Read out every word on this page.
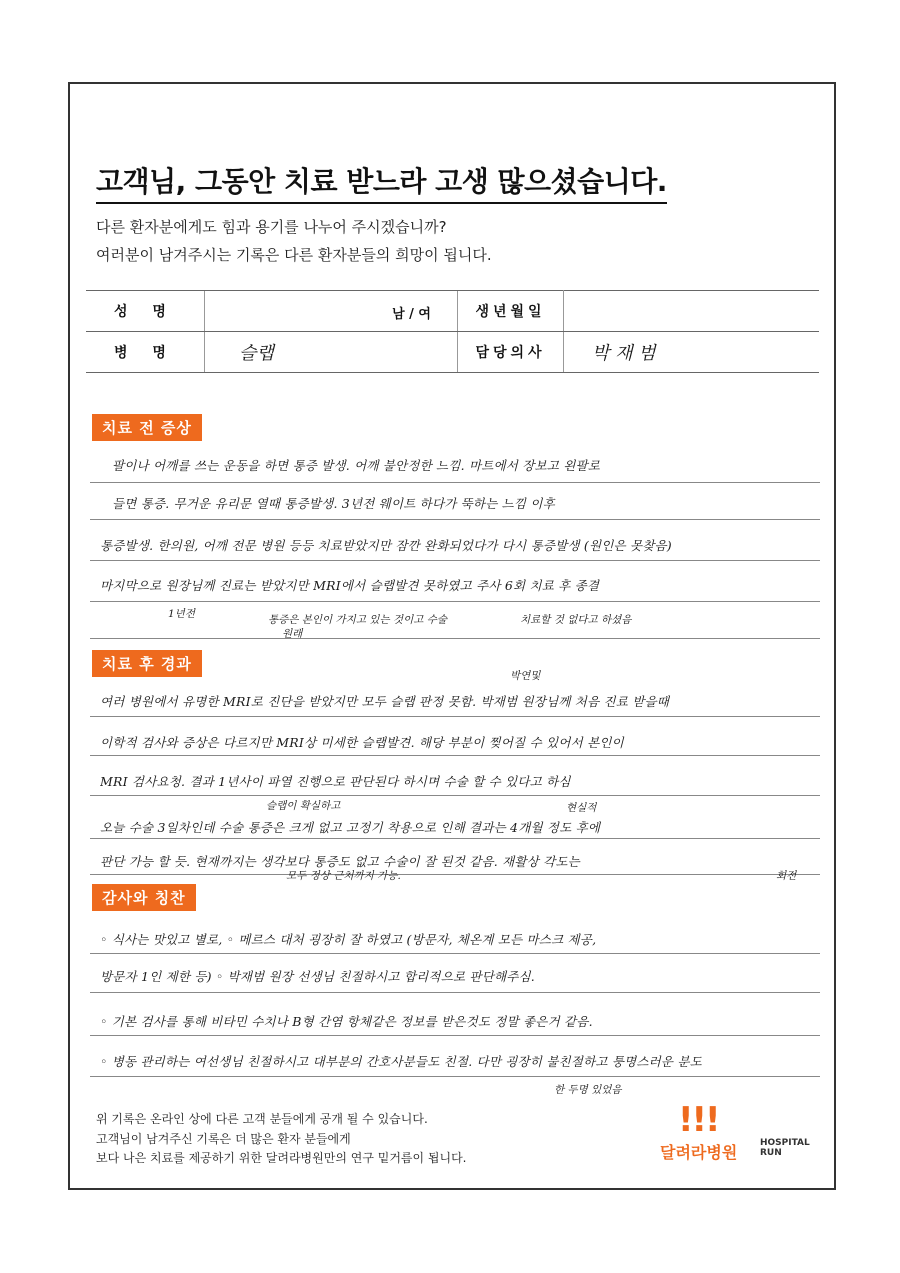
고객님, 그동안 치료 받느라 고생 많으셨습니다.
다른 환자분에게도 힘과 용기를 나누어 주시겠습니까?
여러분이 남겨주시는 기록은 다른 환자분들의 희망이 됩니다.
성 명	남 / 여	생년월일	
병 명	슬랩	담당의사	박 재 범
치료 전 증상
팔이나 어깨를 쓰는 운동을 하면 통증 발생. 어깨 불안정한 느낌. 마트에서 장보고 왼팔로
들면 통증. 무거운 유리문 열때 통증발생. 3년전 웨이트 하다가 뚝하는 느낌 이후
통증발생. 한의원, 어깨 전문 병원 등등 치료받았지만 잠깐 완화되었다가 다시 통증발생 (원인은 못찾음)
마지막으로 원장님께 진료는 받았지만 MRI에서 슬랩발견 못하였고 주사 6회 치료 후 종결
1년전	통증은 본인이 가지고 있는 것이고 수술
원래
치료할 것 없다고 하셨음
치료 후 경과
박연및
여러 병원에서 유명한 MRI로 진단을 받았지만 모두 슬랩 판정 못함. 박재범 원장님께 처음 진료 받을때
이학적 검사와 증상은 다르지만 MRI상 미세한 슬랩발견. 해당 부분이 찢어질 수 있어서 본인이
MRI 검사요청. 결과 1년사이 파열 진행으로 판단된다 하시며 수술 할 수 있다고 하심
슬랩이 확실하고	현실적
오늘 수술 3일차인데 수술 통증은 크게 없고 고정기 착용으로 인해 결과는 4개월 정도 후에
판단 가능 할 듯. 현재까지는 생각보다 통증도 없고 수술이 잘 된것 같음. 재활상 각도는
모두 정상 근처까지 가능.	회전
감사와 칭찬
◦ 식사는 맛있고 별로, ◦ 메르스 대처 굉장히 잘 하였고 (방문자, 체온계 모든 마스크 제공,
방문자 1인 제한 등) ◦ 박재범 원장 선생님 친절하시고 합리적으로 판단해주심.
◦ 기본 검사를 통해 비타민 수치나 B형 간염 항체같은 정보를 받은것도 정말 좋은거 같음.
◦ 병동 관리하는 여선생님 친절하시고 대부분의 간호사분들도 친절. 다만 굉장히 불친절하고 퉁명스러운 분도
한 두명 있었음
위 기록은 온라인 상에 다른 고객 분들에게 공개 될 수 있습니다.
고객님이 남겨주신 기록은 더 많은 환자 분들에게
보다 나은 치료를 제공하기 위한 달려라병원만의 연구 밑거름이 됩니다.
!!!
달려라병원	HOSPITAL
RUN
